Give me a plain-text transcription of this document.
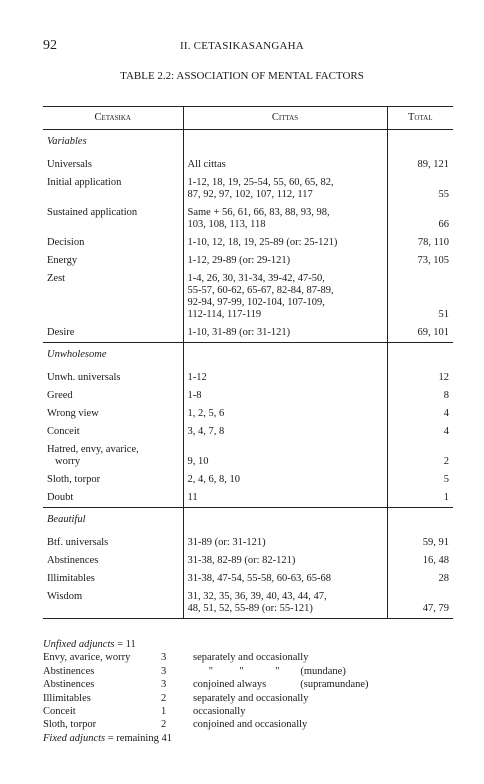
92	II. CETASIKASANGAHA
TABLE 2.2: ASSOCIATION OF MENTAL FACTORS
Cetasika	Cittas	Total
Variables		

Universals	All cittas	89, 121

Initial application	1-12, 18, 19, 25-54, 55, 60, 65, 82,
87, 92, 97, 102, 107, 112, 117	55

Sustained application	Same + 56, 61, 66, 83, 88, 93, 98,
103, 108, 113, 118	66

Decision	1-10, 12, 18, 19, 25-89 (or: 25-121)	78, 110

Energy	1-12, 29-89 (or: 29-121)	73, 105

Zest	1-4, 26, 30, 31-34, 39-42, 47-50,
55-57, 60-62, 65-67, 82-84, 87-89,
92-94, 97-99, 102-104, 107-109,
112-114, 117-119	51

Desire	1-10, 31-89 (or: 31-121)	69, 101

Unwholesome		

Unwh. universals	1-12	12

Greed	1-8	8

Wrong view	1, 2, 5, 6	4

Conceit	3, 4, 7, 8	4

Hatred, envy, avarice,
worry	9, 10	2

Sloth, torpor	2, 4, 6, 8, 10	5

Doubt	11	1

Beautiful		

Btf. universals	31-89 (or: 31-121)	59, 91

Abstinences	31-38, 82-89 (or: 82-121)	16, 48

Illimitables	31-38, 47-54, 55-58, 60-63, 65-68	28

Wisdom	31, 32, 35, 36, 39, 40, 43, 44, 47,
48, 51, 52, 55-89 (or: 55-121)	47, 79
Unfixed adjuncts = 11
Envy, avarice, worry	3	separately and occasionally
Abstinences	3	"          "            "        (mundane)
Abstinences	3	conjoined always             (supramundane)
Illimitables	2	separately and occasionally
Conceit	1	occasionally
Sloth, torpor	2	conjoined and occasionally
Fixed adjuncts = remaining 41
